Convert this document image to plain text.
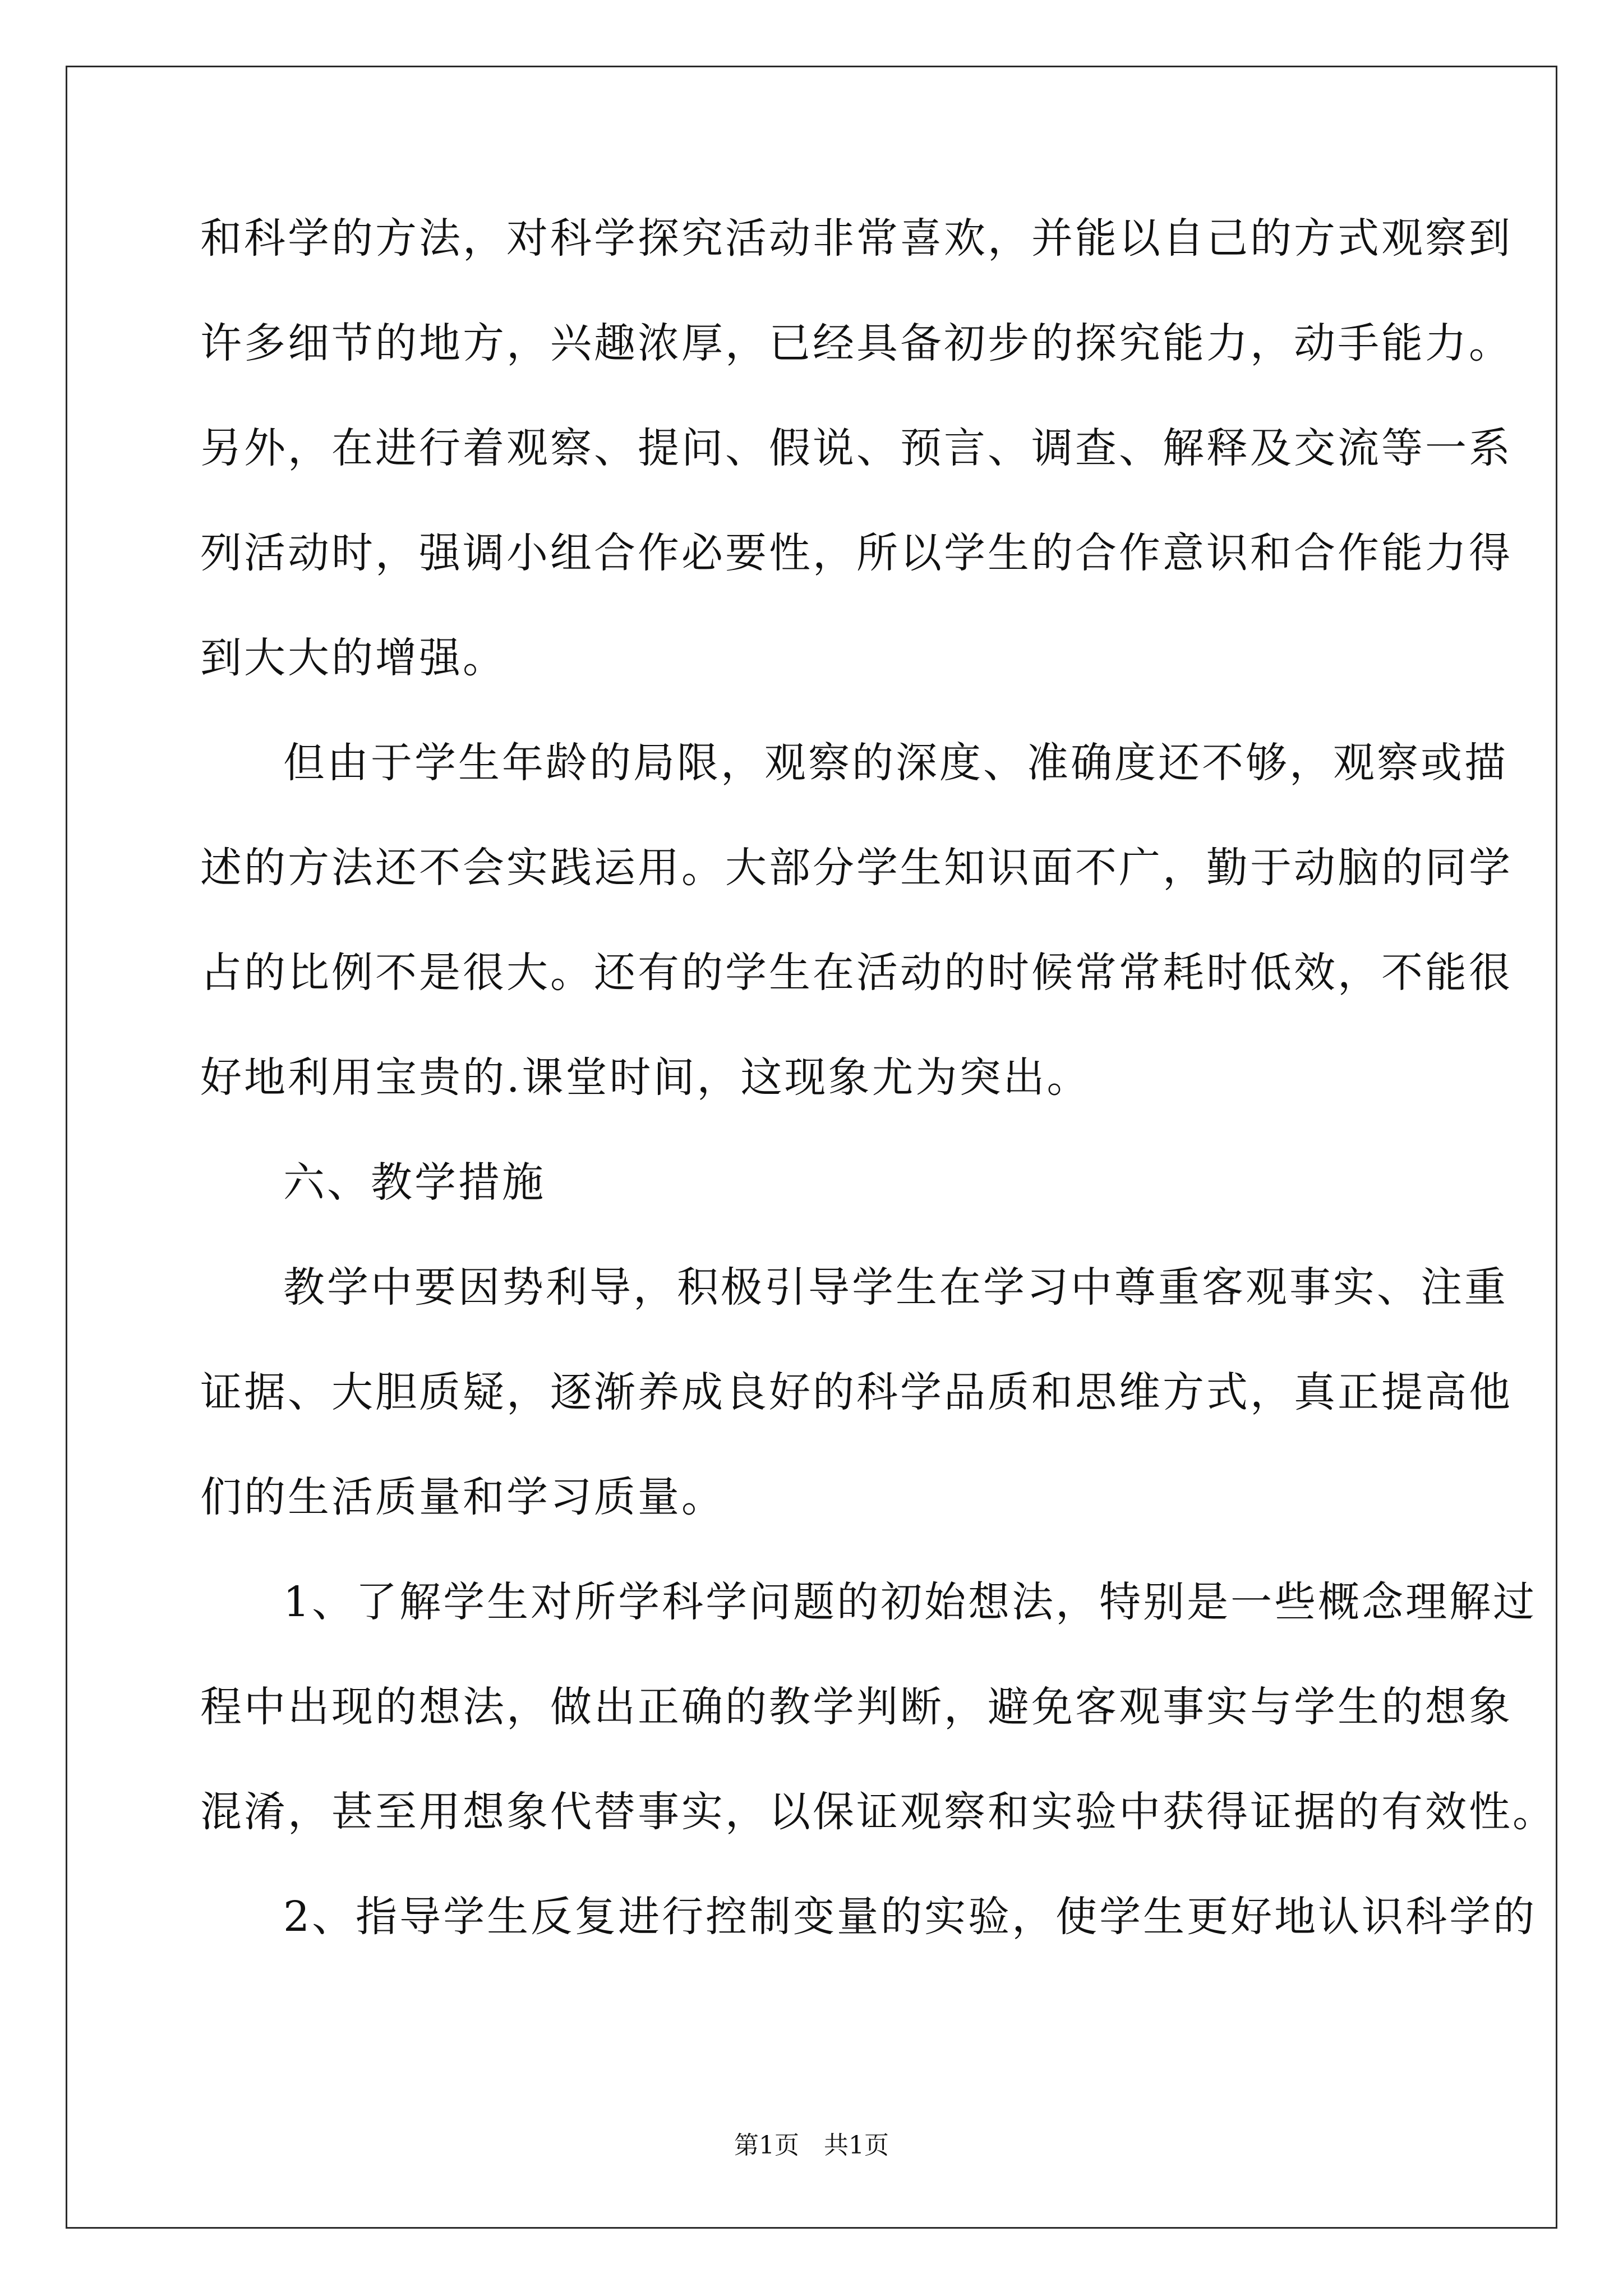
和科学的方法，对科学探究活动非常喜欢，并能以自己的方式观察到
许多细节的地方，兴趣浓厚，已经具备初步的探究能力，动手能力。
另外，在进行着观察、提问、假说、预言、调查、解释及交流等一系
列活动时，强调小组合作必要性，所以学生的合作意识和合作能力得
到大大的增强。
但由于学生年龄的局限，观察的深度、准确度还不够，观察或描
述的方法还不会实践运用。大部分学生知识面不广，勤于动脑的同学
占的比例不是很大。还有的学生在活动的时候常常耗时低效，不能很
好地利用宝贵的.课堂时间，这现象尤为突出。
六、教学措施
教学中要因势利导，积极引导学生在学习中尊重客观事实、注重
证据、大胆质疑，逐渐养成良好的科学品质和思维方式，真正提高他
们的生活质量和学习质量。
1、了解学生对所学科学问题的初始想法，特别是一些概念理解过
程中出现的想法，做出正确的教学判断，避免客观事实与学生的想象
混淆，甚至用想象代替事实，以保证观察和实验中获得证据的有效性。
2、指导学生反复进行控制变量的实验，使学生更好地认识科学的
第1页　共1页
